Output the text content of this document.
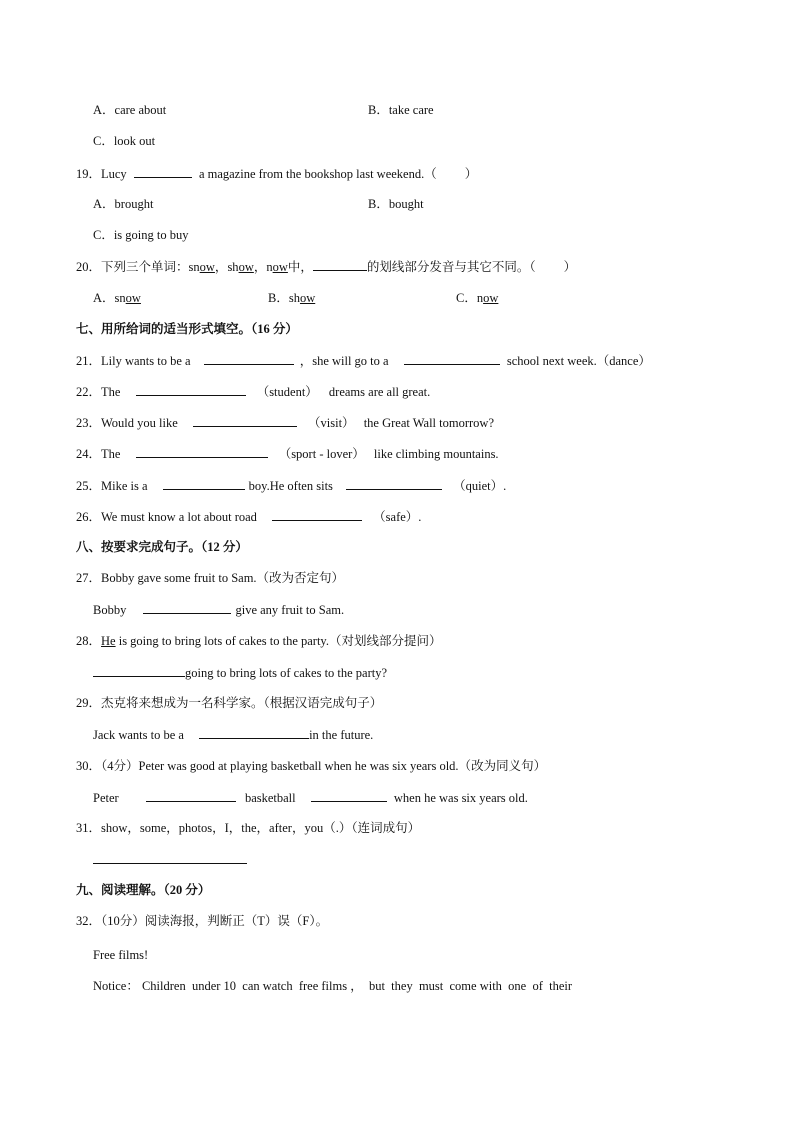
A．care about	B．take care
C．look out
19．Lucy	a magazine from the bookshop last weekend.（ ）
A．brought	B．bought
C．is going to buy
20．下列三个单词：snow，show，now中，	的划线部分发音与其它不同。（ ）
A．snow	B．show	C．now
七、用所给词的适当形式填空。（16 分）
21．Lily wants to be a	，she will go to a	school next week.（dance）
22．The	（student） dreams are all great.
23．Would you like	（visit） the Great Wall tomorrow?
24．The	（sport - lover） like climbing mountains.
25．Mike is a	boy.He often sits	（quiet）.
26．We must know a lot about road	（safe）.
八、按要求完成句子。（12 分）
27．Bobby gave some fruit to Sam.（改为否定句）
Bobby	give any fruit to Sam.
28．He is going to bring lots of cakes to the party.（对划线部分提问）
going to bring lots of cakes to the party?
29．杰克将来想成为一名科学家。（根据汉语完成句子）
Jack wants to be a	in the future.
30．（4分）Peter was good at playing basketball when he was six years old.（改为同义句）
Peter	basketball	when he was six years old.
31．show，some，photos，I，the，after，you（.）（连词成句）
九、阅读理解。（20 分）
32．（10分）阅读海报，判断正（T）误（F）。
Free films!
Notice： Children  under 10  can watch  free films ，  but  they  must  come with  one  of  their
